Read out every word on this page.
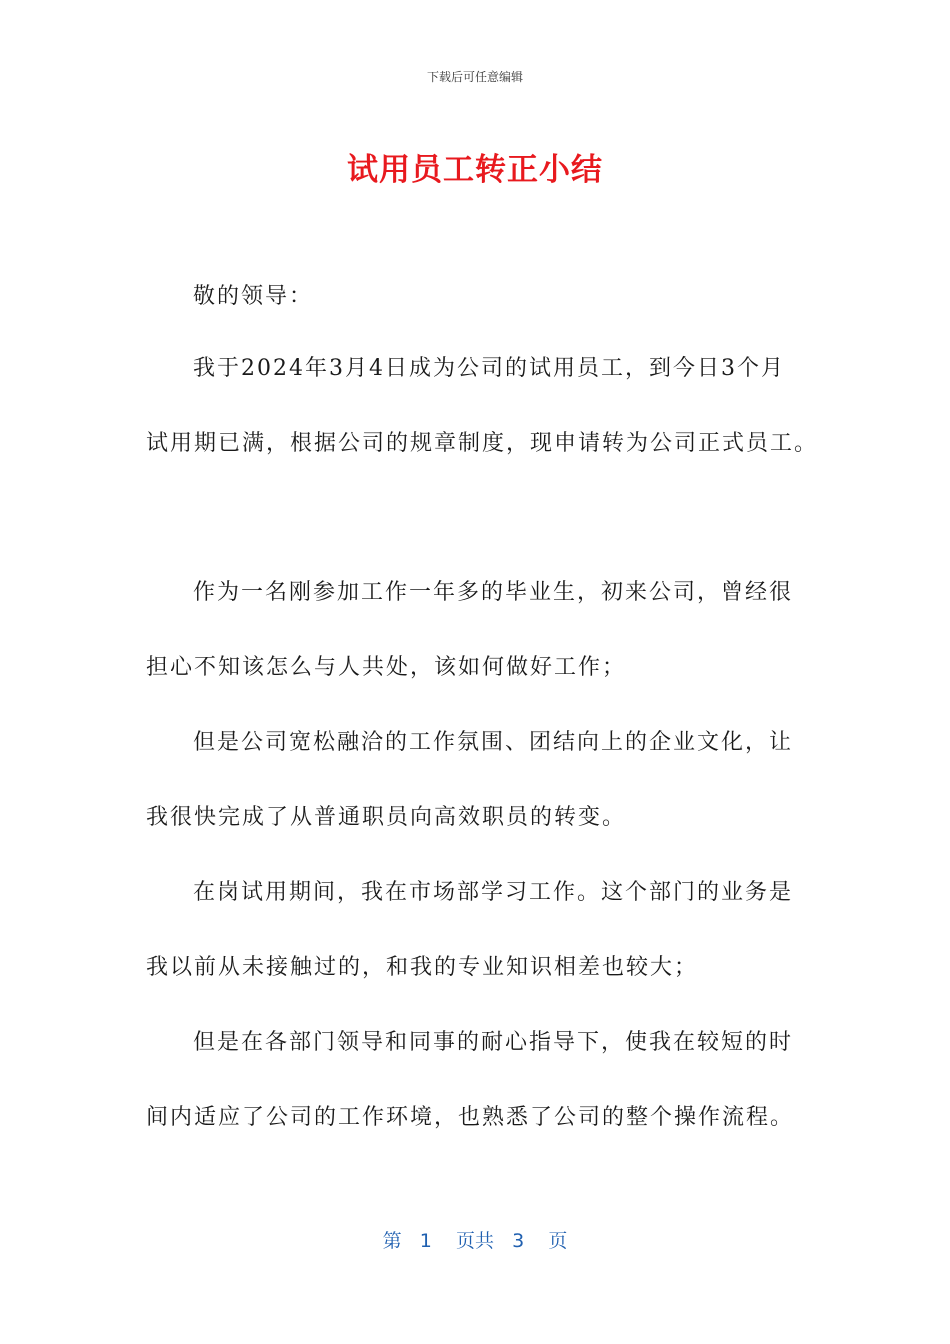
下载后可任意编辑
试用员工转正小结
敬的领导：
我于2024年3月4日成为公司的试用员工，到今日3个月
试用期已满，根据公司的规章制度，现申请转为公司正式员工。
作为一名刚参加工作一年多的毕业生，初来公司，曾经很
担心不知该怎么与人共处，该如何做好工作；
但是公司宽松融洽的工作氛围、团结向上的企业文化，让
我很快完成了从普通职员向高效职员的转变。
在岗试用期间，我在市场部学习工作。这个部门的业务是
我以前从未接触过的，和我的专业知识相差也较大；
但是在各部门领导和同事的耐心指导下，使我在较短的时
间内适应了公司的工作环境，也熟悉了公司的整个操作流程。
第 1 页共 3 页
